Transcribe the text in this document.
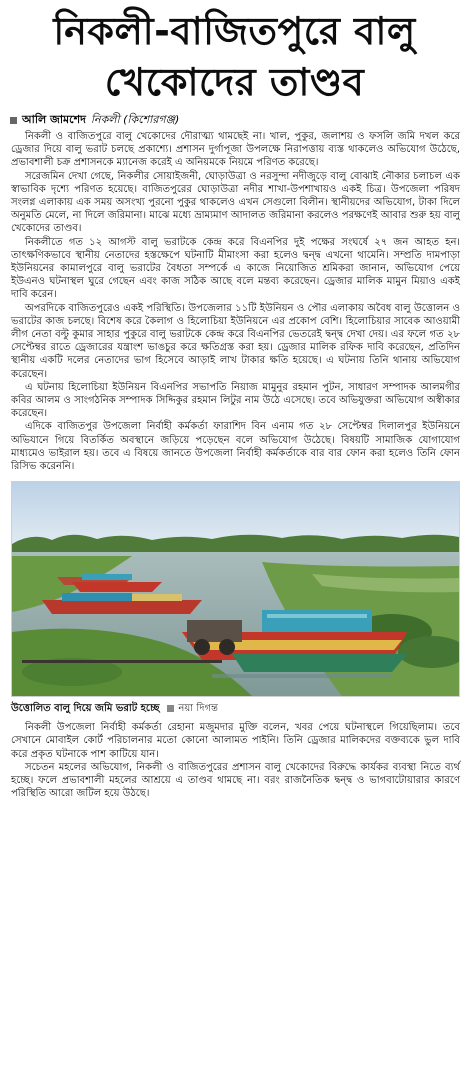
নিকলী-বাজিতপুরে বালু
খেকোদের তাণ্ডব
আলি জামশেদ নিকলী (কিশোরগঞ্জ)

নিকলী ও বাজিতপুরে বালু খেকোদের দৌরাত্ম্য থামছেই না। খাল, পুকুর, জলাশয় ও ফসলি জমি দখল করে ড্রেজার দিয়ে বালু ভরাট চলছে প্রকাশ্যে। প্রশাসন দুর্গাপূজা উপলক্ষে নিরাপত্তায় ব্যস্ত থাকলেও অভিযোগ উঠেছে, প্রভাবশালী চক্র প্রশাসনকে ম্যানেজ করেই এ অনিয়মকে নিয়মে পরিণত করেছে।

সরেজমিন দেখা গেছে, নিকলীর সোয়াইজনী, ঘোড়াউত্রা ও নরসুন্দা নদীজুড়ে বালু বোঝাই নৌকার চলাচল এক স্বাভাবিক দৃশ্যে পরিণত হয়েছে। বাজিতপুরের ঘোড়াউত্রা নদীর শাখা-উপশাখায়ও একই চিত্র। উপজেলা পরিষদ সংলগ্ন এলাকায় এক সময় অসংখ্য পুরনো পুকুর থাকলেও এখন সেগুলো বিলীন। স্থানীয়দের অভিযোগ, টাকা দিলে অনুমতি মেলে, না দিলে জরিমানা। মাঝে মধ্যে ভ্রাম্যমাণ আদালত জরিমানা করলেও পরক্ষণেই আবার শুরু হয় বালু খেকোদের তাণ্ডব।

নিকলীতে গত ১২ আগস্ট বালু ভরাটকে কেন্দ্র করে বিএনপির দুই পক্ষের সংঘর্ষে ২৭ জন আহত হন। তাৎক্ষণিকভাবে স্থানীয় নেতাদের হস্তক্ষেপে ঘটনাটি মীমাংসা করা হলেও দ্বন্দ্ব এখনো থামেনি। সম্প্রতি দামপাড়া ইউনিয়নের কামালপুরে বালু ভরাটের বৈধতা সম্পর্কে এ কাজে নিয়োজিত শ্রমিকরা জানান, অভিযোগ পেয়ে ইউএনও ঘটনাস্থল ঘুরে গেছেন এবং কাজ সঠিক আছে বলে মন্তব্য করেছেন। ড্রেজার মালিক মামুন মিয়াও একই দাবি করেন।

অপরদিকে বাজিতপুরেও একই পরিস্থিতি। উপজেলার ১১টি ইউনিয়ন ও পৌর এলাকায় অবৈধ বালু উত্তোলন ও ভরাটের কাজ চলছে। বিশেষ করে কৈলাগ ও হিলোচিয়া ইউনিয়নে এর প্রকোপ বেশি। হিলোচিয়ার সাবেক আওয়ামী লীগ নেতা বল্টু কুমার সাহার পুকুরে বালু ভরাটকে কেন্দ্র করে বিএনপির ভেতরেই দ্বন্দ্ব দেখা দেয়। এর ফলে গত ২৮ সেপ্টেম্বর রাতে ড্রেজারের যন্ত্রাংশ ভাঙচুর করে ক্ষতিগ্রস্ত করা হয়। ড্রেজার মালিক রফিক দাবি করেছেন, প্রতিদিন স্থানীয় একটি দলের নেতাদের ভাগ হিসেবে আড়াই লাখ টাকার ক্ষতি হয়েছে। এ ঘটনায় তিনি থানায় অভিযোগ করেছেন।

এ ঘটনায় হিলোচিয়া ইউনিয়ন বিএনপির সভাপতি নিয়াজ মামুনুর রহমান পুটন, সাধারণ সম্পাদক আলমগীর কবির আলম ও সাংগঠনিক সম্পাদক সিদ্দিকুর রহমান লিটুর নাম উঠে এসেছে। তবে অভিযুক্তরা অভিযোগ অস্বীকার করেছেন।

এদিকে বাজিতপুর উপজেলা নির্বাহী কর্মকর্তা ফারাশিদ বিন এনাম গত ২৮ সেপ্টেম্বর দিলালপুর ইউনিয়নে অভিযানে গিয়ে বিতর্কিত অবস্থানে জড়িয়ে পড়েছেন বলে অভিযোগ উঠেছে। বিষয়টি সামাজিক যোগাযোগ মাধ্যমেও ভাইরাল হয়। তবে এ বিষয়ে জানতে উপজেলা নির্বাহী কর্মকর্তাকে বার বার ফোন করা হলেও তিনি ফোন রিসিভ করেননি।

উত্তোলিত বালু দিয়ে জমি ভরাট হচ্ছে নয়া দিগন্ত

নিকলী উপজেলা নির্বাহী কর্মকর্তা রেহানা মজুমদার মুক্তি বলেন, খবর পেয়ে ঘটনাস্থলে গিয়েছিলাম। তবে সেখানে মোবাইল কোর্ট পরিচালনার মতো কোনো আলামত পাইনি। তিনি ড্রেজার মালিকদের বক্তব্যকে ভুল দাবি করে প্রকৃত ঘটনাকে পাশ কাটিয়ে যান।

সচেতন মহলের অভিযোগ, নিকলী ও বাজিতপুরের প্রশাসন বালু খেকোদের বিরুদ্ধে কার্যকর ব্যবস্থা নিতে ব্যর্থ হচ্ছে। ফলে প্রভাবশালী মহলের আশ্রয়ে এ তাণ্ডব থামছে না। বরং রাজনৈতিক দ্বন্দ্ব ও ভাগবাটোয়ারার কারণে পরিস্থিতি আরো জটিল হয়ে উঠছে।
